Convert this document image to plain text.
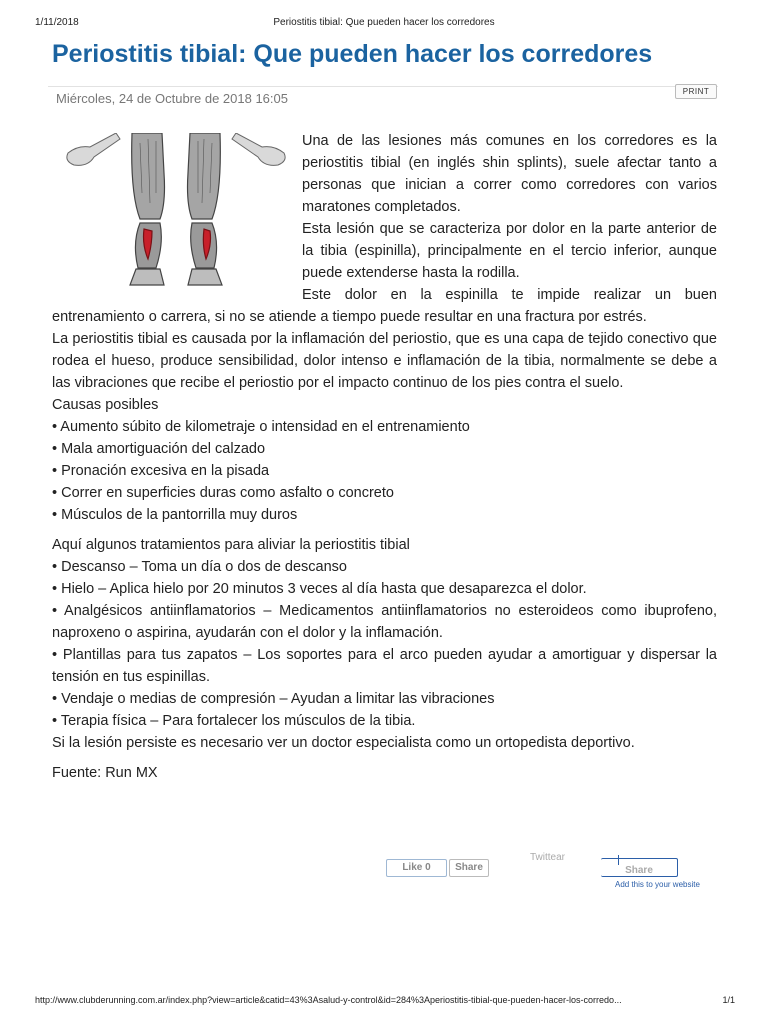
1/11/2018	Periostitis tibial: Que pueden hacer los corredores
Periostitis tibial: Que pueden hacer los corredores
Miércoles, 24 de Octubre de 2018 16:05	PRINT

Una de las lesiones más comunes en los corredores es la periostitis tibial (en inglés shin splints), suele afectar tanto a personas que inician a correr como corredores con varios maratones completados.

Esta lesión que se caracteriza por dolor en la parte anterior de la tibia (espinilla), principalmente en el tercio inferior, aunque puede extenderse hasta la rodilla.

Este dolor en la espinilla te impide realizar un buen entrenamiento o carrera, si no se atiende a tiempo puede resultar en una fractura por estrés.

La periostitis tibial es causada por la inflamación del periostio, que es una capa de tejido conectivo que rodea el hueso, produce sensibilidad, dolor intenso e inflamación de la tibia, normalmente se debe a las vibraciones que recibe el periostio por el impacto continuo de los pies contra el suelo.

Causas posibles

• Aumento súbito de kilometraje o intensidad en el entrenamiento

• Mala amortiguación del calzado

• Pronación excesiva en la pisada

• Correr en superficies duras como asfalto o concreto

• Músculos de la pantorrilla muy duros

Aquí algunos tratamientos para aliviar la periostitis tibial

• Descanso – Toma un día o dos de descanso

• Hielo – Aplica hielo por 20 minutos 3 veces al día hasta que desaparezca el dolor.

• Analgésicos antiinflamatorios – Medicamentos antiinflamatorios no esteroideos como ibuprofeno, naproxeno o aspirina, ayudarán con el dolor y la inflamación.

• Plantillas para tus zapatos – Los soportes para el arco pueden ayudar a amortiguar y dispersar la tensión en tus espinillas.

• Vendaje o medias de compresión – Ayudan a limitar las vibraciones

• Terapia física – Para fortalecer los músculos de la tibia.

Si la lesión persiste es necesario ver un doctor especialista como un ortopedista deportivo.

Fuente: Run MX

Like 0	Share
Twittear
Share
Add this to your website
http://www.clubderunning.com.ar/index.php?view=article&catid=43%3Asalud-y-control&id=284%3Aperiostitis-tibial-que-pueden-hacer-los-corredo...	1/1
